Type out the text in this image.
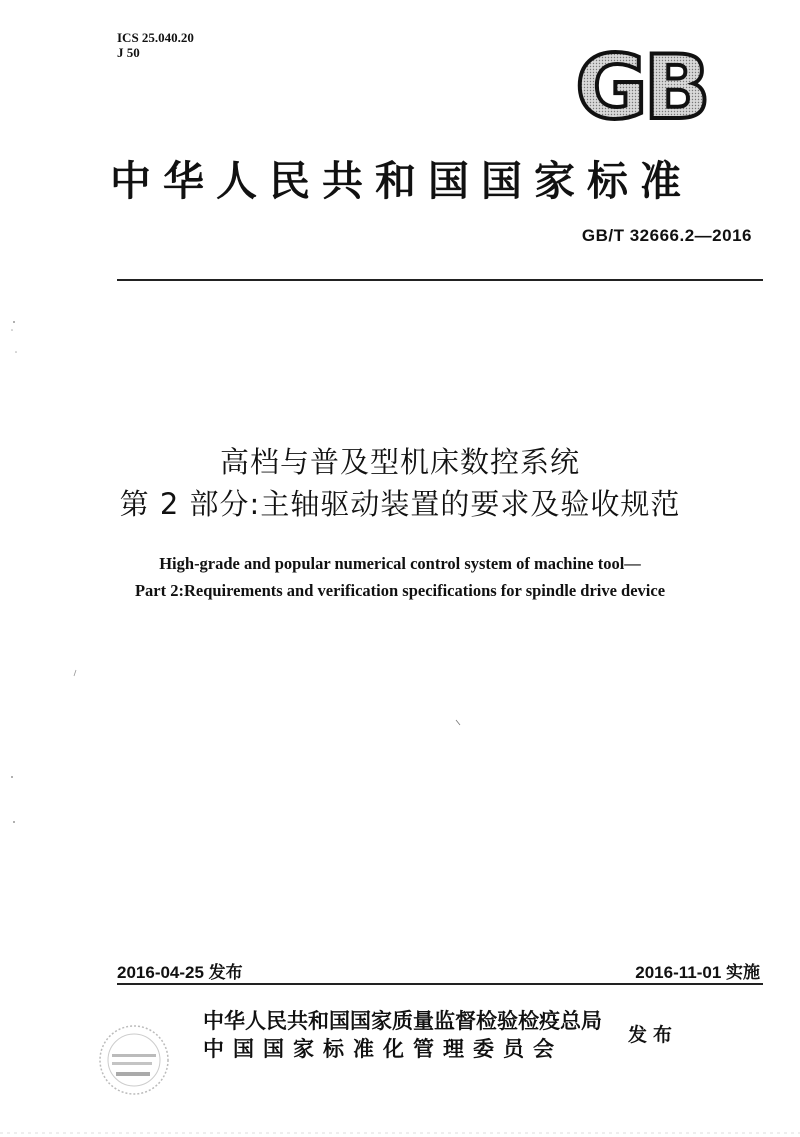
ICS 25.040.20
J 50	GB
中华人民共和国国家标准
GB/T 32666.2—2016
高档与普及型机床数控系统
第 2 部分:主轴驱动装置的要求及验收规范
High-grade and popular numerical control system of machine tool—
Part 2:Requirements and verification specifications for spindle drive device
2016-04-25 发布	2016-11-01 实施
中华人民共和国国家质量监督检验检疫总局
中国国家标准化管理委员会
发布
